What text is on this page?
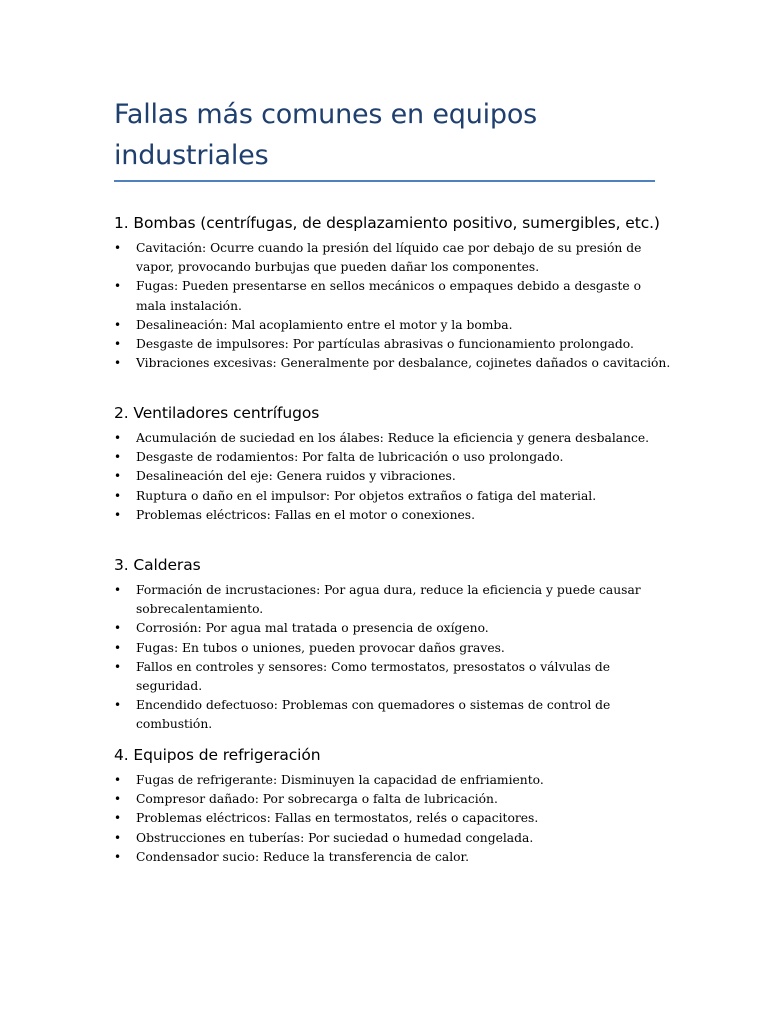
Fallas más comunes en equipos industriales
1. Bombas (centrífugas, de desplazamiento positivo, sumergibles, etc.)
• Cavitación: Ocurre cuando la presión del líquido cae por debajo de su presión de vapor, provocando burbujas que pueden dañar los componentes.
• Fugas: Pueden presentarse en sellos mecánicos o empaques debido a desgaste o mala instalación.
• Desalineación: Mal acoplamiento entre el motor y la bomba.
• Desgaste de impulsores: Por partículas abrasivas o funcionamiento prolongado.
• Vibraciones excesivas: Generalmente por desbalance, cojinetes dañados o cavitación.
2. Ventiladores centrífugos
• Acumulación de suciedad en los álabes: Reduce la eficiencia y genera desbalance.
• Desgaste de rodamientos: Por falta de lubricación o uso prolongado.
• Desalineación del eje: Genera ruidos y vibraciones.
• Ruptura o daño en el impulsor: Por objetos extraños o fatiga del material.
• Problemas eléctricos: Fallas en el motor o conexiones.
3. Calderas
• Formación de incrustaciones: Por agua dura, reduce la eficiencia y puede causar sobrecalentamiento.
• Corrosión: Por agua mal tratada o presencia de oxígeno.
• Fugas: En tubos o uniones, pueden provocar daños graves.
• Fallos en controles y sensores: Como termostatos, presostatos o válvulas de seguridad.
• Encendido defectuoso: Problemas con quemadores o sistemas de control de combustión.
4. Equipos de refrigeración
• Fugas de refrigerante: Disminuyen la capacidad de enfriamiento.
• Compresor dañado: Por sobrecarga o falta de lubricación.
• Problemas eléctricos: Fallas en termostatos, relés o capacitores.
• Obstrucciones en tuberías: Por suciedad o humedad congelada.
• Condensador sucio: Reduce la transferencia de calor.
